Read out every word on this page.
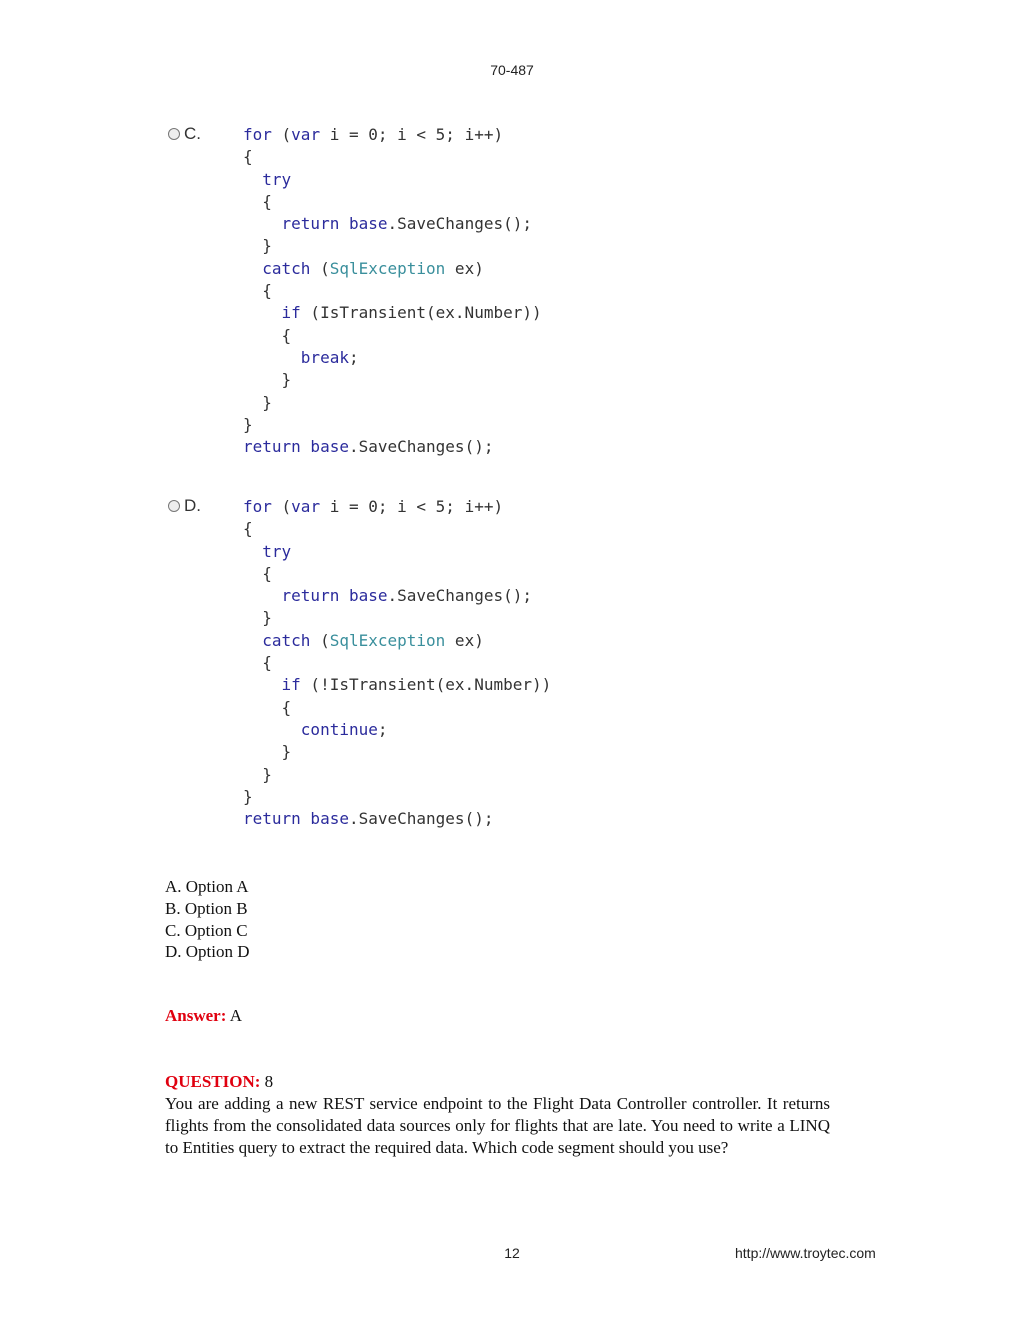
70-487
C.	for (var i = 0; i < 5; i++)
{
try
{
return base.SaveChanges();
}
catch (SqlException ex)
{
if (IsTransient(ex.Number))
{
break;
}
}
}
return base.SaveChanges();
D.	for (var i = 0; i < 5; i++)
{
try
{
return base.SaveChanges();
}
catch (SqlException ex)
{
if (!IsTransient(ex.Number))
{
continue;
}
}
}
return base.SaveChanges();
A. Option A
B. Option B
C. Option C
D. Option D
Answer: A
QUESTION: 8
You are adding a new REST service endpoint to the Flight Data Controller controller. It returns flights from the consolidated data sources only for flights that are late. You need to write a LINQ to Entities query to extract the required data. Which code segment should you use?
12	http://www.troytec.com
